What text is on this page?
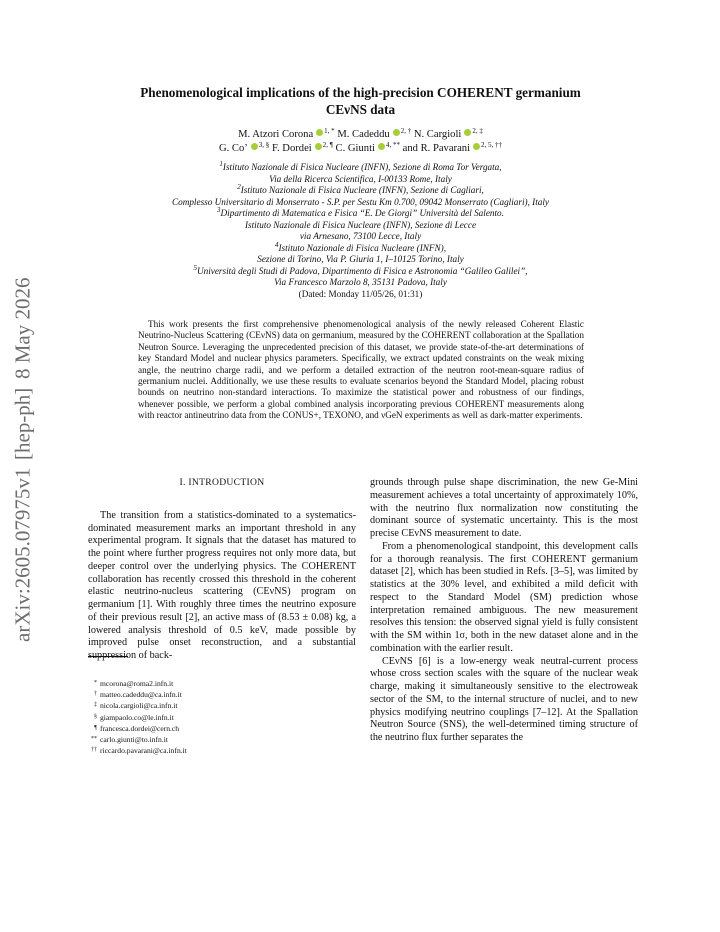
arXiv:2605.07975v1
[hep-ph]
8 May 2026
Phenomenological implications of the high-precision COHERENT germanium
CEνNS data
M. Atzori Corona $^{1, *}$ M. Cadeddu $^{2, \dagger}$ N. Cargioli $^{2, \ddagger}$
G. Co’ $^{3, \S}$ F. Dordei $^{2, \P}$ C. Giunti $^{4, **}$ and R. Pavarani $^{2, 5, \dagger\dagger}$
$^1$Istituto Nazionale di Fisica Nucleare (INFN), Sezione di Roma Tor Vergata,
Via della Ricerca Scientifica, I-00133 Rome, Italy
$^2$Istituto Nazionale di Fisica Nucleare (INFN), Sezione di Cagliari,
Complesso Universitario di Monserrato - S.P. per Sestu Km 0.700, 09042 Monserrato (Cagliari), Italy
$^3$Dipartimento di Matematica e Fisica “E. De Giorgi” Università del Salento.
Istituto Nazionale di Fisica Nucleare (INFN), Sezione di Lecce
via Arnesano, 73100 Lecce, Italy
$^4$Istituto Nazionale di Fisica Nucleare (INFN),
Sezione di Torino, Via P. Giuria 1, I–10125 Torino, Italy
$^5$Università degli Studi di Padova, Dipartimento di Fisica e Astronomia “Galileo Galilei”,
Via Francesco Marzolo 8, 35131 Padova, Italy
(Dated: Monday 11/05/26, 01:31)
This work presents the first comprehensive phenomenological analysis of the newly released Coherent Elastic Neutrino-Nucleus Scattering (CEνNS) data on germanium, measured by the COHERENT collaboration at the Spallation Neutron Source. Leveraging the unprecedented precision of this dataset, we provide state-of-the-art determinations of key Standard Model and nuclear physics parameters. Specifically, we extract updated constraints on the weak mixing angle, the neutrino charge radii, and we perform a detailed extraction of the neutron root-mean-square radius of germanium nuclei. Additionally, we use these results to evaluate scenarios beyond the Standard Model, placing robust bounds on neutrino non-standard interactions. To maximize the statistical power and robustness of our findings, whenever possible, we perform a global combined analysis incorporating previous COHERENT measurements along with reactor antineutrino data from the CONUS+, TEXONO, and νGeN experiments as well as dark-matter experiments.
I. INTRODUCTION

The transition from a statistics-dominated to a systematics-dominated measurement marks an important threshold in any experimental program. It signals that the dataset has matured to the point where further progress requires not only more data, but deeper control over the underlying physics. The COHERENT collaboration has recently crossed this threshold in the coherent elastic neutrino-nucleus scattering (CEνNS) program on germanium [1]. With roughly three times the neutrino exposure of their previous result [2], an active mass of (8.53 ± 0.08) kg, a lowered analysis threshold of 0.5 keV, made possible by improved pulse onset reconstruction, and a substantial suppression of back-

* mcorona@roma2.infn.it
† matteo.cadeddu@ca.infn.it
‡ nicola.cargioli@ca.infn.it
§ giampaolo.co@le.infn.it
¶ francesca.dordei@cern.ch
** carlo.giunti@to.infn.it
†† riccardo.pavarani@ca.infn.it

grounds through pulse shape discrimination, the new Ge-Mini measurement achieves a total uncertainty of approximately 10%, with the neutrino flux normalization now constituting the dominant source of systematic uncertainty. This is the most precise CEνNS measurement to date.

From a phenomenological standpoint, this development calls for a thorough reanalysis. The first COHERENT germanium dataset [2], which has been studied in Refs. [3–5], was limited by statistics at the 30% level, and exhibited a mild deficit with respect to the Standard Model (SM) prediction whose interpretation remained ambiguous. The new measurement resolves this tension: the observed signal yield is fully consistent with the SM within 1σ, both in the new dataset alone and in the combination with the earlier result.

CEνNS [6] is a low-energy weak neutral-current process whose cross section scales with the square of the nuclear weak charge, making it simultaneously sensitive to the electroweak sector of the SM, to the internal structure of nuclei, and to new physics modifying neutrino couplings [7–12]. At the Spallation Neutron Source (SNS), the well-determined timing structure of the neutrino flux further separates the
